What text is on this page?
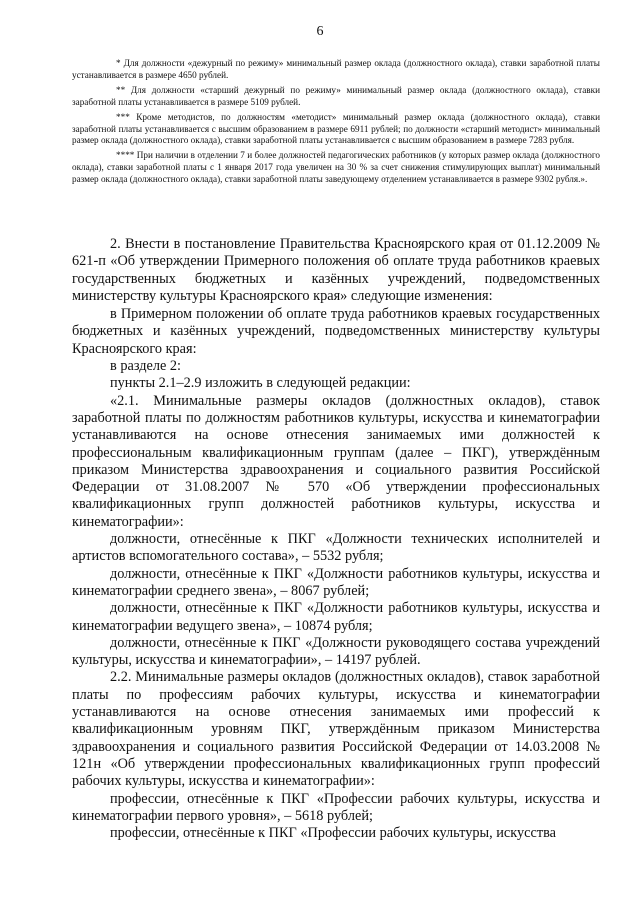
6

* Для должности «дежурный по режиму» минимальный размер оклада (должностного оклада), ставки заработной платы устанавливается в размере 4650 рублей.

** Для должности «старший дежурный по режиму» минимальный размер оклада (должностного оклада), ставки заработной платы устанавливается в размере 5109 рублей.

*** Кроме методистов, по должностям «методист» минимальный размер оклада (должностного оклада), ставки заработной платы устанавливается с высшим образованием в размере 6911 рублей; по должности «старший методист» минимальный размер оклада (должностного оклада), ставки заработной платы устанавливается с высшим образованием в размере 7283 рубля.

**** При наличии в отделении 7 и более должностей педагогических работников (у которых размер оклада (должностного оклада), ставки заработной платы с 1 января 2017 года увеличен на 30 % за счет снижения стимулирующих выплат) минимальный размер оклада (должностного оклада), ставки заработной платы заведующему отделением устанавливается в размере 9302 рубля.».

2. Внести в постановление Правительства Красноярского края от 01.12.2009 № 621-п «Об утверждении Примерного положения об оплате труда работников краевых государственных бюджетных и казённых учреждений, подведомственных министерству культуры Красноярского края» следующие изменения:

в Примерном положении об оплате труда работников краевых государственных бюджетных и казённых учреждений, подведомственных министерству культуры Красноярского края:

в разделе 2:

пункты 2.1–2.9 изложить в следующей редакции:

«2.1. Минимальные размеры окладов (должностных окладов), ставок заработной платы по должностям работников культуры, искусства и кинематографии устанавливаются на основе отнесения занимаемых ими должностей к профессиональным квалификационным группам (далее – ПКГ), утверждённым приказом Министерства здравоохранения и социального развития Российской Федерации от 31.08.2007 № 570 «Об утверждении профессиональных квалификационных групп должностей работников культуры, искусства и кинематографии»:

должности, отнесённые к ПКГ «Должности технических исполнителей и артистов вспомогательного состава», – 5532 рубля;

должности, отнесённые к ПКГ «Должности работников культуры, искусства и кинематографии среднего звена», – 8067 рублей;

должности, отнесённые к ПКГ «Должности работников культуры, искусства и кинематографии ведущего звена», – 10874 рубля;

должности, отнесённые к ПКГ «Должности руководящего состава учреждений культуры, искусства и кинематографии», – 14197 рублей.

2.2. Минимальные размеры окладов (должностных окладов), ставок заработной платы по профессиям рабочих культуры, искусства и кинематографии устанавливаются на основе отнесения занимаемых ими профессий к квалификационным уровням ПКГ, утверждённым приказом Министерства здравоохранения и социального развития Российской Федерации от 14.03.2008 № 121н «Об утверждении профессиональных квалификационных групп профессий рабочих культуры, искусства и кинематографии»:

профессии, отнесённые к ПКГ «Профессии рабочих культуры, искусства и кинематографии первого уровня», – 5618 рублей;

профессии, отнесённые к ПКГ «Профессии рабочих культуры, искусства
